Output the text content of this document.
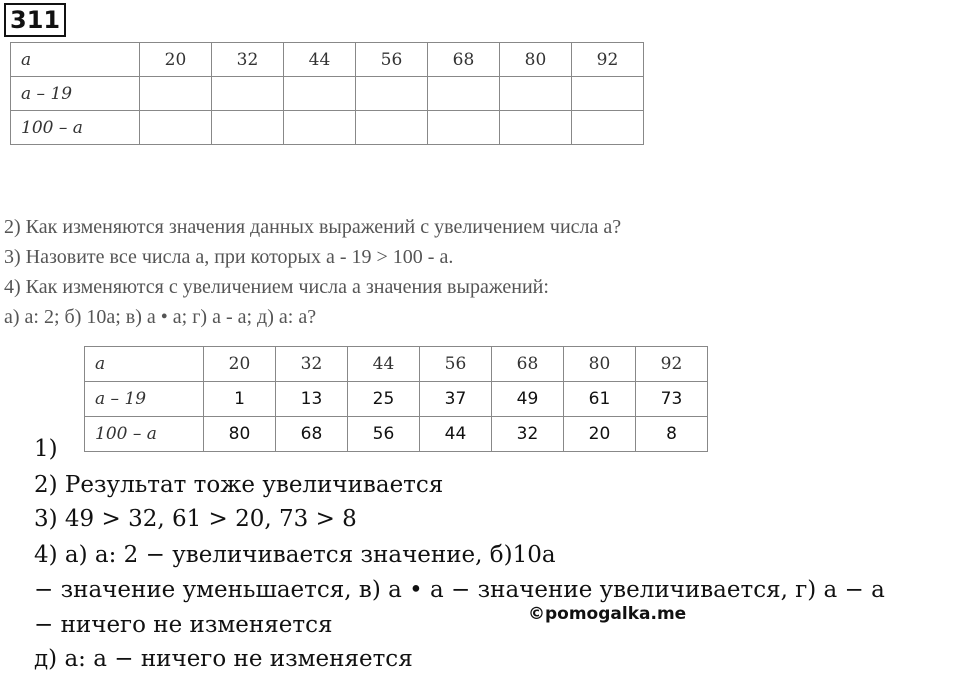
311
a	20	32	44	56	68	80	92
a – 19							
100 – a							
2) Как изменяются значения данных выражений с увеличением числа а?
3) Назовите все числа а, при которых а - 19 > 100 - а.
4) Как изменяются с увеличением числа а значения выражений:
а) а: 2; б) 10а; в) а • а; г) а - а; д) а: а?
a	20	32	44	56	68	80	92
a – 19	1	13	25	37	49	61	73
100 – a	80	68	56	44	32	20	8
1)
2) Результат тоже увеличивается
3) 49 > 32, 61 > 20, 73 > 8
4) а) а: 2 − увеличивается значение, б)10а
− значение уменьшается, в) а • а − значение увеличивается, г) а − а
− ничего не изменяется
д) а: а − ничего не изменяется
©pomogalka.me
